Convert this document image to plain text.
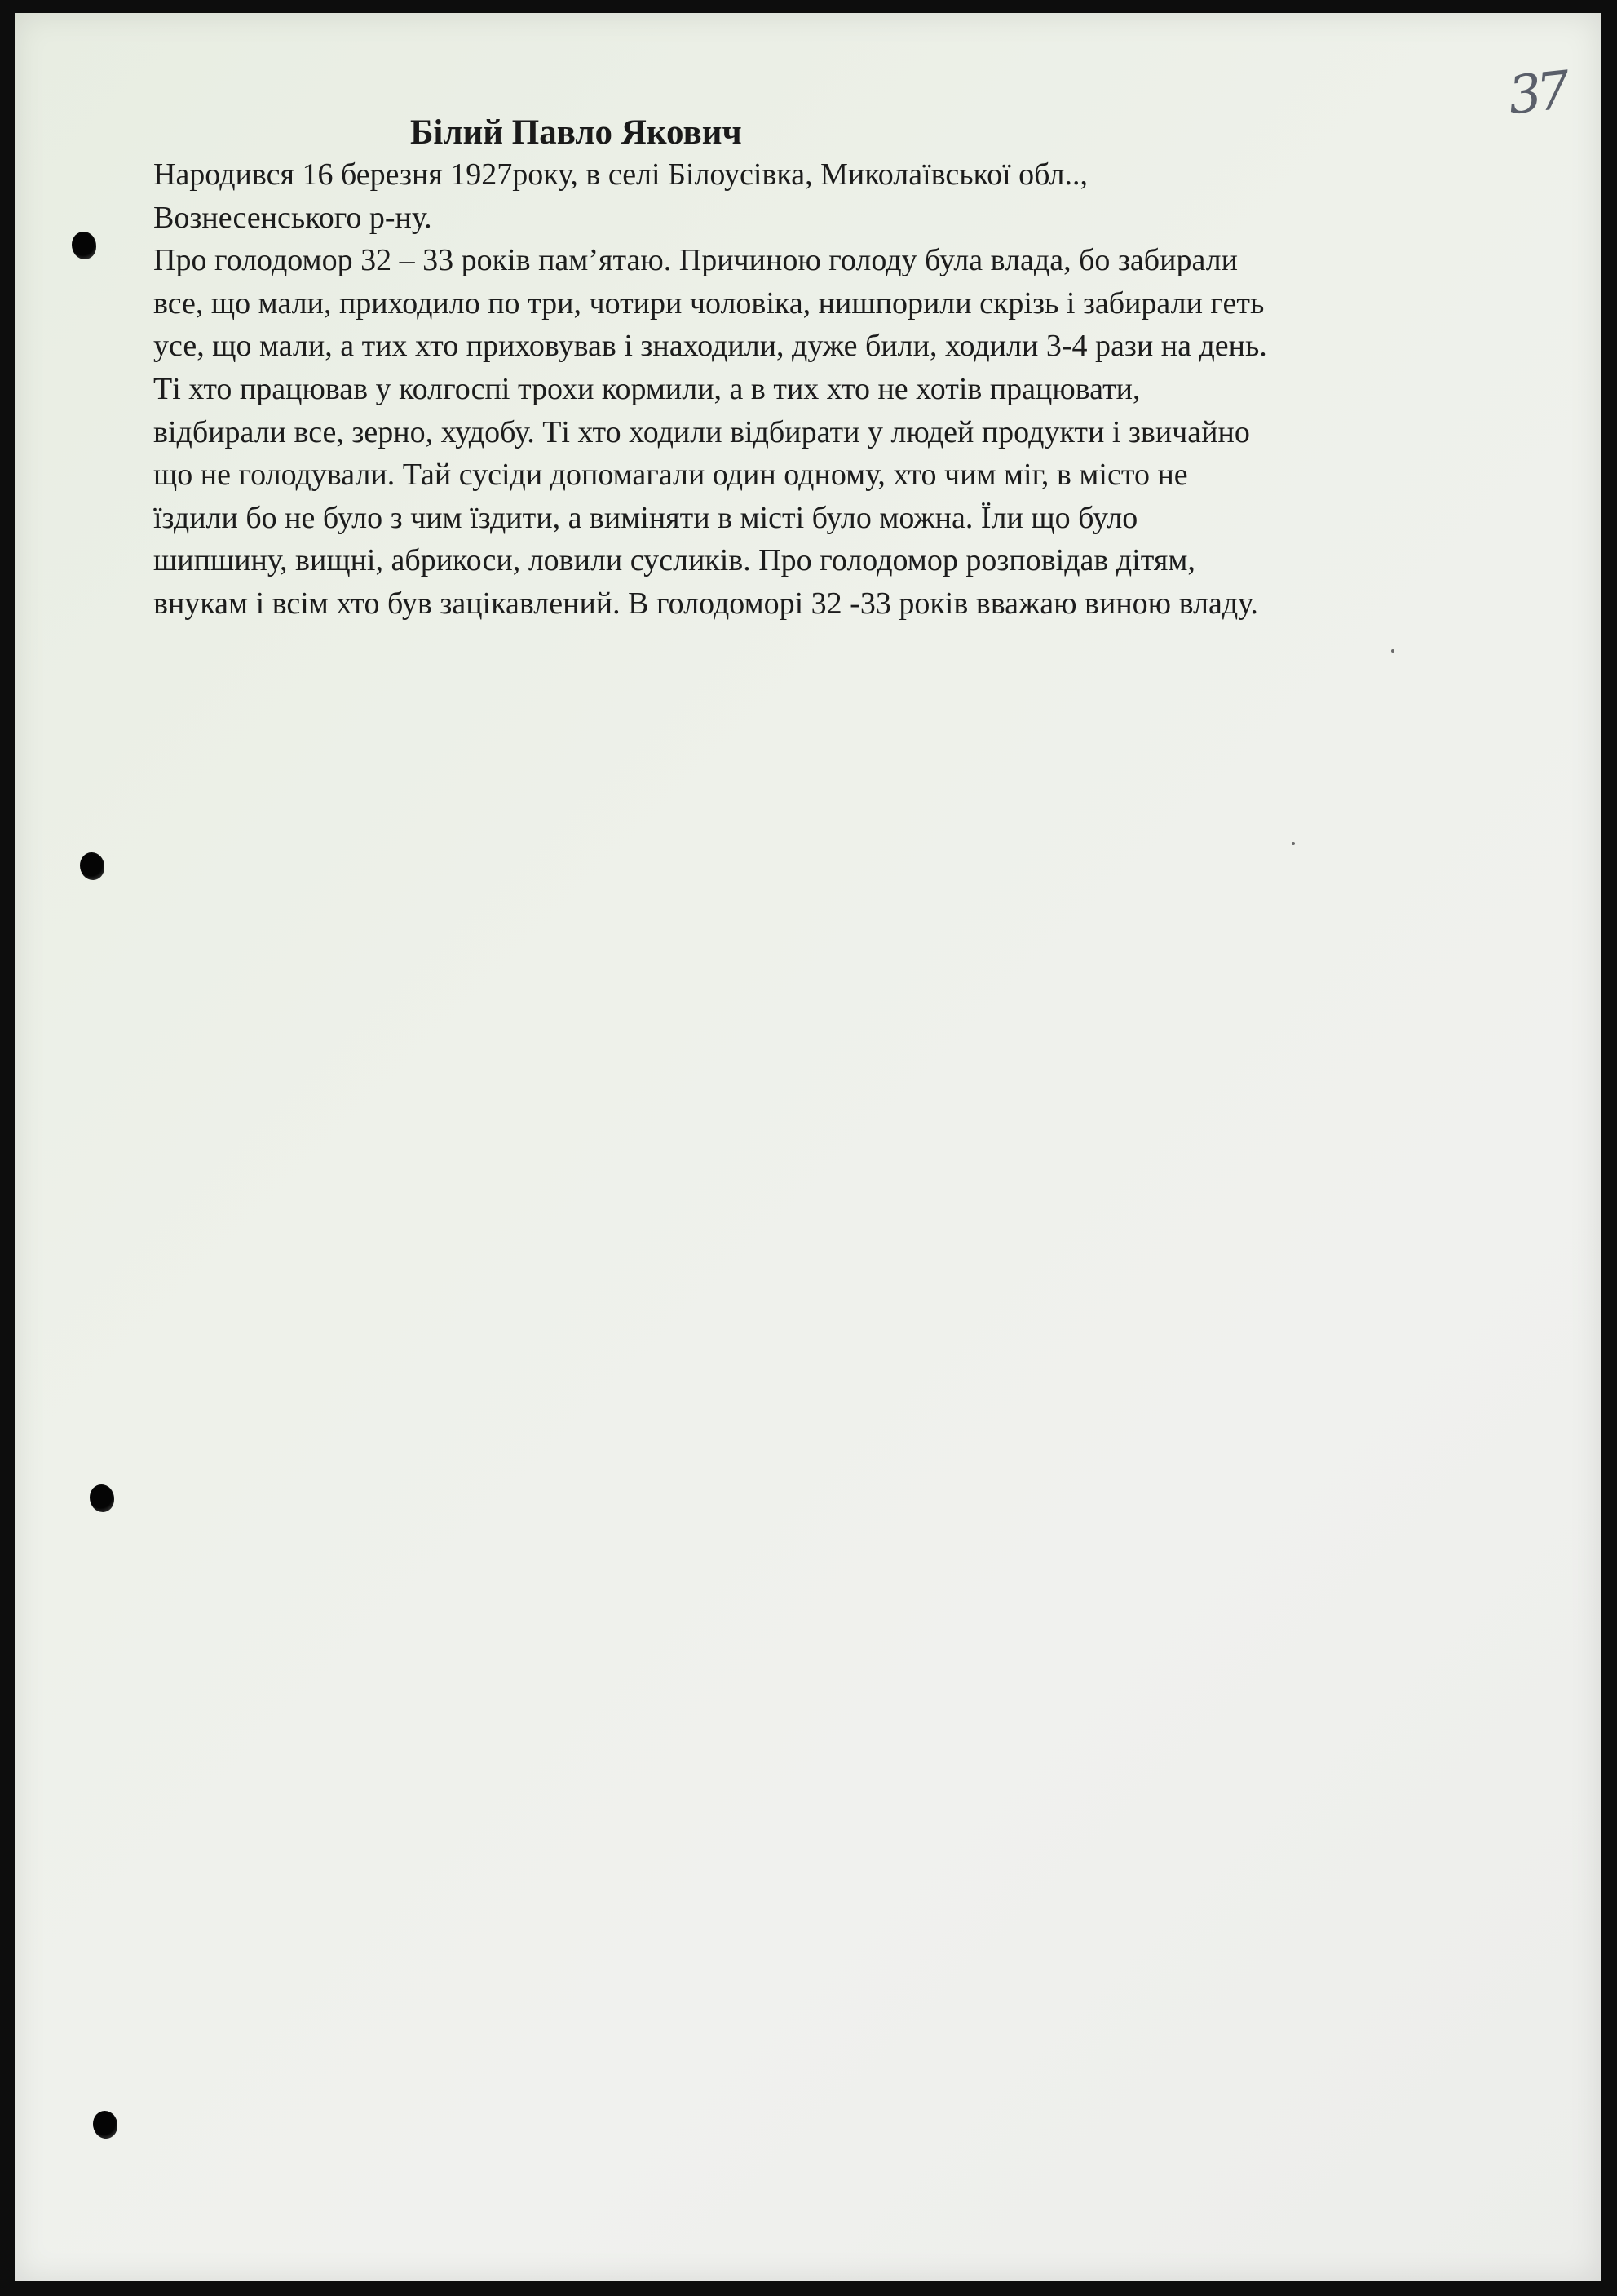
37
Білий Павло Якович
Народився 16 березня 1927року, в селі Білоусівка, Миколаївської обл..,
Вознесенського р-ну.
Про голодомор 32 – 33 років пам’ятаю. Причиною голоду була влада, бо забирали
все, що мали, приходило по три, чотири чоловіка, нишпорили скрізь і забирали геть
усе, що мали, а тих хто приховував і знаходили, дуже били, ходили 3-4 рази на день.
Ті хто працював у колгоспі трохи кормили, а в тих хто не хотів працювати,
відбирали все, зерно, худобу. Ті хто ходили відбирати у людей продукти і звичайно
що не голодували. Тай сусіди допомагали один одному, хто чим міг, в місто не
їздили бо не було з чим їздити, а виміняти в місті було можна. Їли що було
шипшину, вищні, абрикоси, ловили сусликів. Про голодомор розповідав дітям,
внукам і всім хто був зацікавлений. В голодоморі 32 -33 років вважаю виною владу.
